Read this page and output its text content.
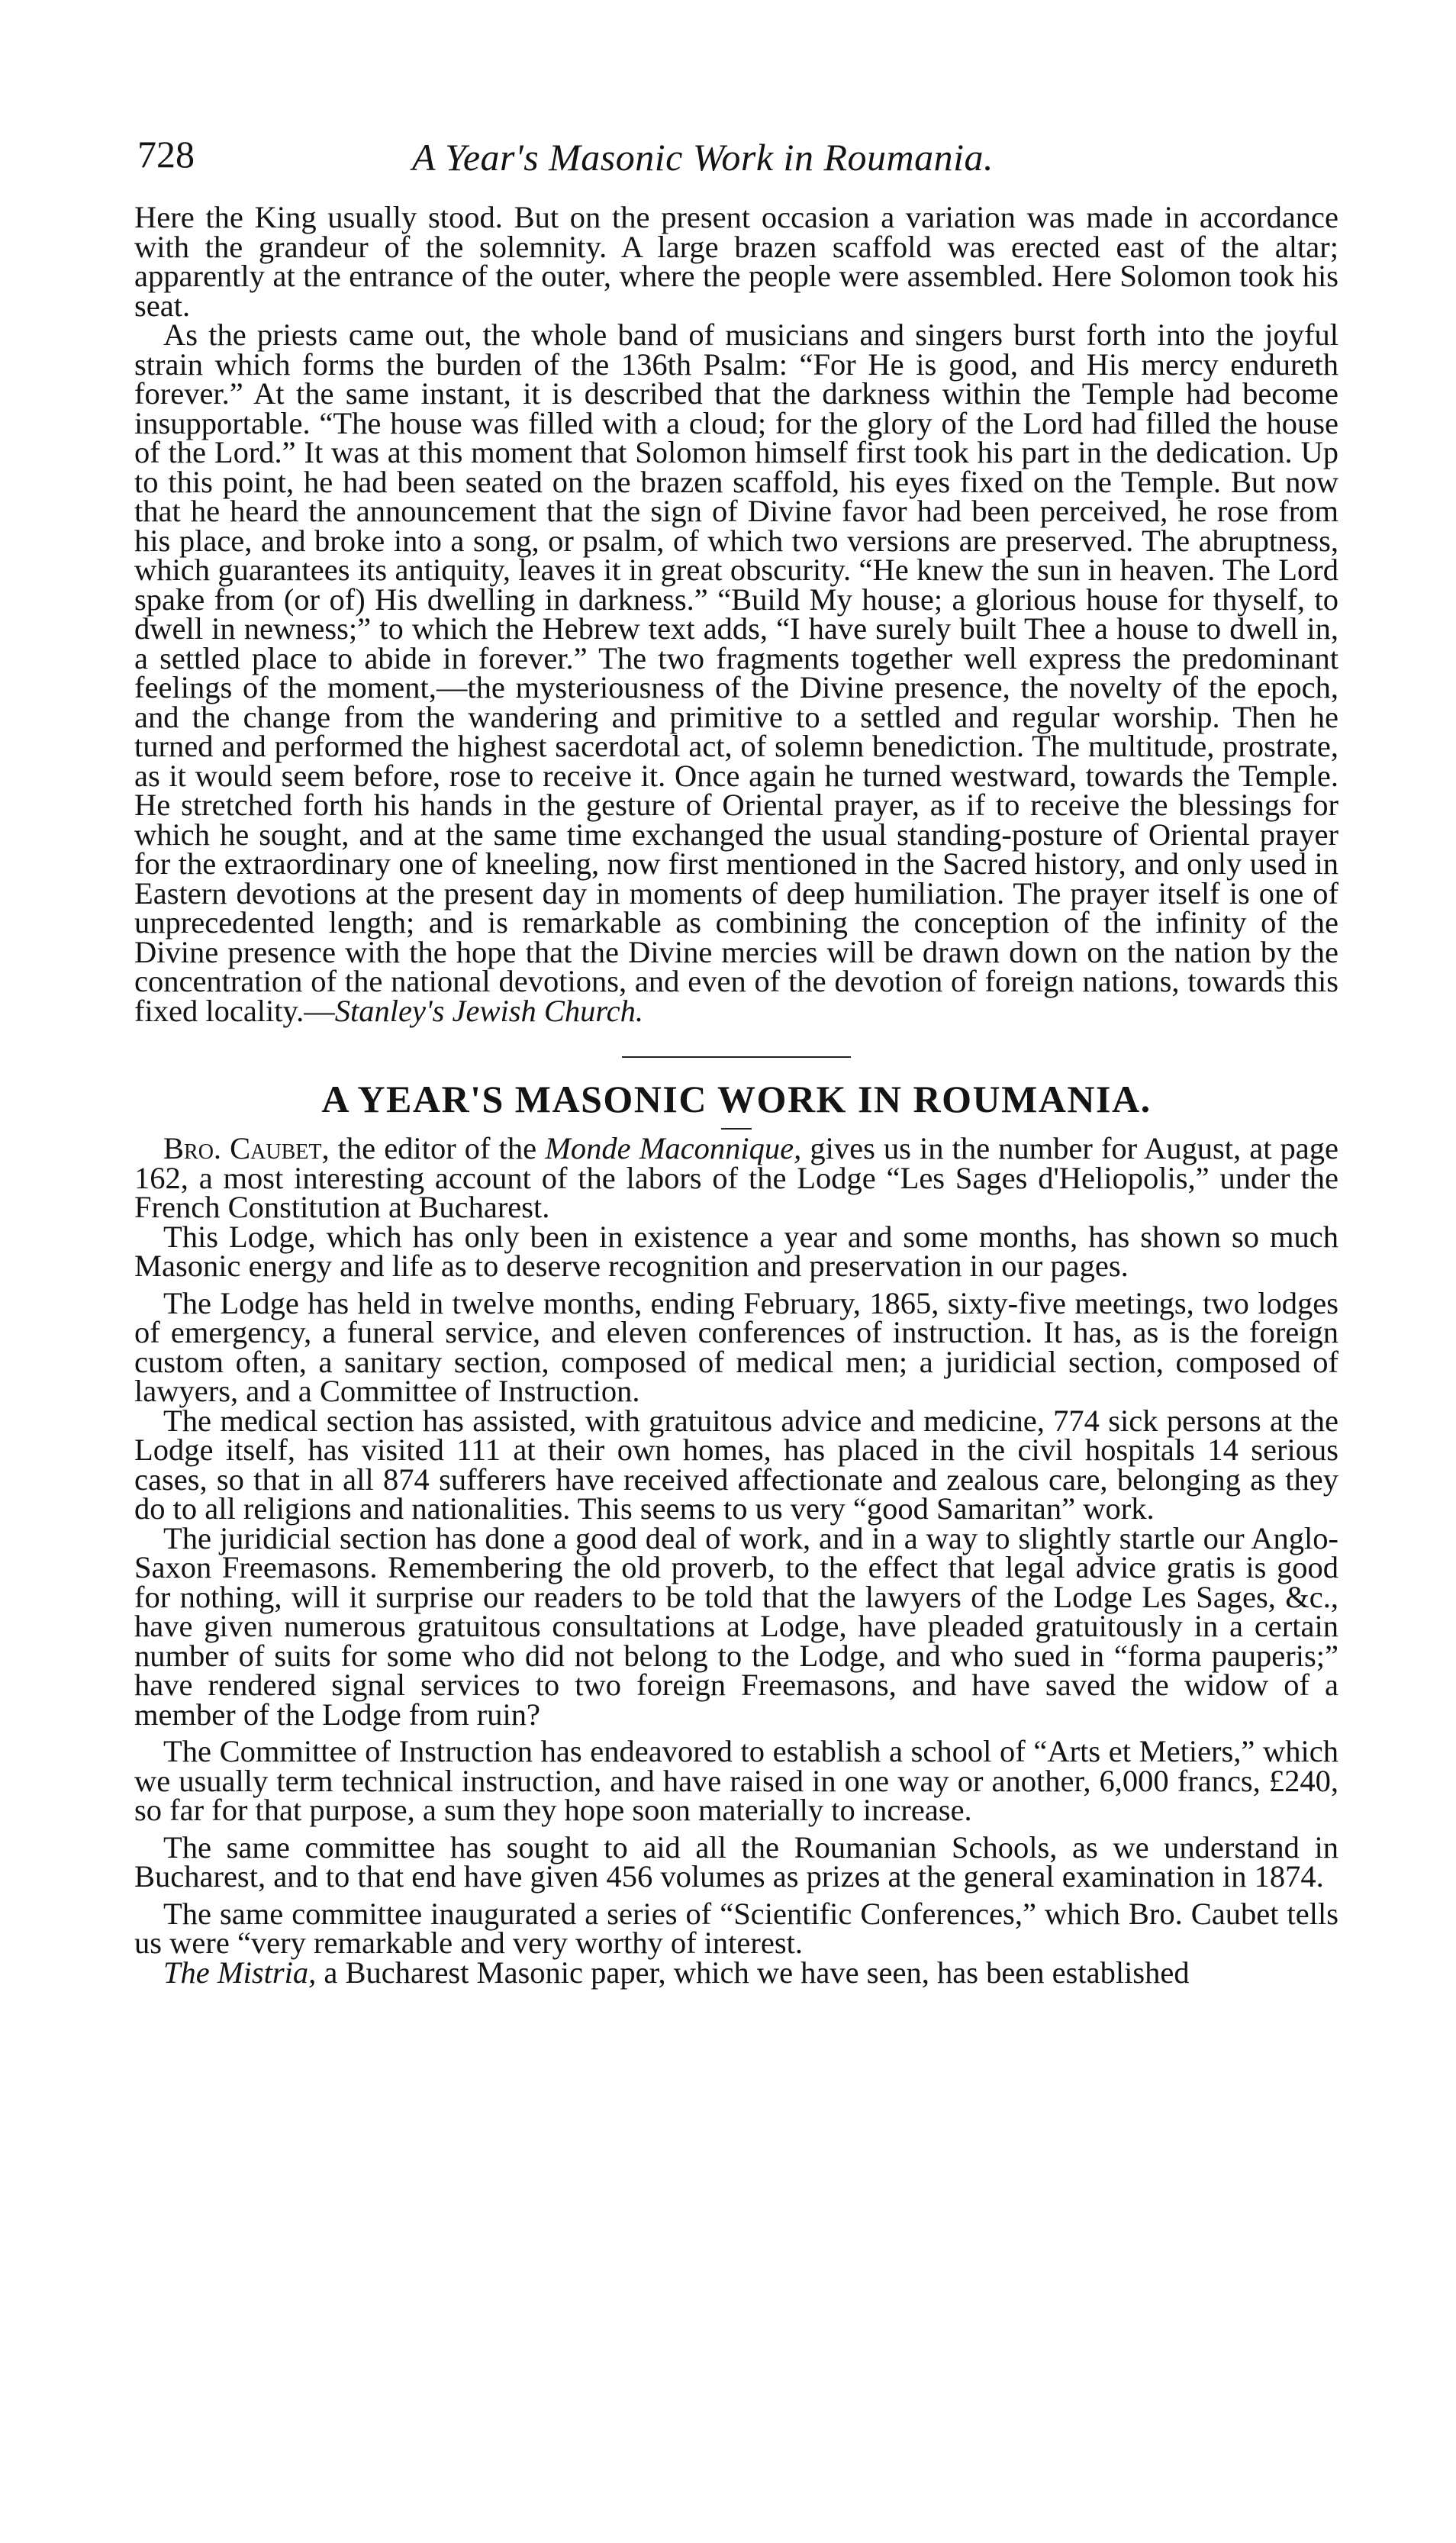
728	A Year's Masonic Work in Roumania.

Here the King usually stood. But on the present occasion a variation was made in accordance with the grandeur of the solemnity. A large brazen scaffold was erected east of the altar; apparently at the entrance of the outer, where the people were assembled. Here Solomon took his seat.

As the priests came out, the whole band of musicians and singers burst forth into the joyful strain which forms the burden of the 136th Psalm: “For He is good, and His mercy endureth forever.” At the same instant, it is described that the darkness within the Temple had become insupportable. “The house was filled with a cloud; for the glory of the Lord had filled the house of the Lord.” It was at this moment that Solomon himself first took his part in the dedication. Up to this point, he had been seated on the brazen scaffold, his eyes fixed on the Temple. But now that he heard the announcement that the sign of Divine favor had been perceived, he rose from his place, and broke into a song, or psalm, of which two versions are preserved. The abruptness, which guarantees its antiquity, leaves it in great obscurity. “He knew the sun in heaven. The Lord spake from (or of) His dwelling in darkness.” “Build My house; a glorious house for thyself, to dwell in newness;” to which the Hebrew text adds, “I have surely built Thee a house to dwell in, a settled place to abide in forever.” The two fragments together well express the predominant feelings of the moment,—the mysteriousness of the Divine presence, the novelty of the epoch, and the change from the wandering and primitive to a settled and regular worship. Then he turned and performed the highest sacerdotal act, of solemn benediction. The multitude, prostrate, as it would seem before, rose to receive it. Once again he turned westward, towards the Temple. He stretched forth his hands in the gesture of Oriental prayer, as if to receive the blessings for which he sought, and at the same time exchanged the usual standing-posture of Oriental prayer for the extraordinary one of kneeling, now first mentioned in the Sacred history, and only used in Eastern devotions at the present day in moments of deep humiliation. The prayer itself is one of unprecedented length; and is remarkable as combining the conception of the infinity of the Divine presence with the hope that the Divine mercies will be drawn down on the nation by the concentration of the national devotions, and even of the devotion of foreign nations, towards this fixed locality.—Stanley's Jewish Church.

A YEAR'S MASONIC WORK IN ROUMANIA.

Bro. Caubet, the editor of the Monde Maconnique, gives us in the number for August, at page 162, a most interesting account of the labors of the Lodge “Les Sages d'Heliopolis,” under the French Constitution at Bucharest.

This Lodge, which has only been in existence a year and some months, has shown so much Masonic energy and life as to deserve recognition and preservation in our pages.

The Lodge has held in twelve months, ending February, 1865, sixty-five meetings, two lodges of emergency, a funeral service, and eleven conferences of instruction. It has, as is the foreign custom often, a sanitary section, composed of medical men; a juridicial section, composed of lawyers, and a Committee of Instruction.

The medical section has assisted, with gratuitous advice and medicine, 774 sick persons at the Lodge itself, has visited 111 at their own homes, has placed in the civil hospitals 14 serious cases, so that in all 874 sufferers have received affectionate and zealous care, belonging as they do to all religions and nationalities. This seems to us very “good Samaritan” work.

The juridicial section has done a good deal of work, and in a way to slightly startle our Anglo-Saxon Freemasons. Remembering the old proverb, to the effect that legal advice gratis is good for nothing, will it surprise our readers to be told that the lawyers of the Lodge Les Sages, &c., have given numerous gratuitous consultations at Lodge, have pleaded gratuitously in a certain number of suits for some who did not belong to the Lodge, and who sued in “forma pauperis;” have rendered signal services to two foreign Freemasons, and have saved the widow of a member of the Lodge from ruin?

The Committee of Instruction has endeavored to establish a school of “Arts et Metiers,” which we usually term technical instruction, and have raised in one way or another, 6,000 francs, £240, so far for that purpose, a sum they hope soon materially to increase.

The same committee has sought to aid all the Roumanian Schools, as we understand in Bucharest, and to that end have given 456 volumes as prizes at the general examination in 1874.

The same committee inaugurated a series of “Scientific Conferences,” which Bro. Caubet tells us were “very remarkable and very worthy of interest.

The Mistria, a Bucharest Masonic paper, which we have seen, has been established
